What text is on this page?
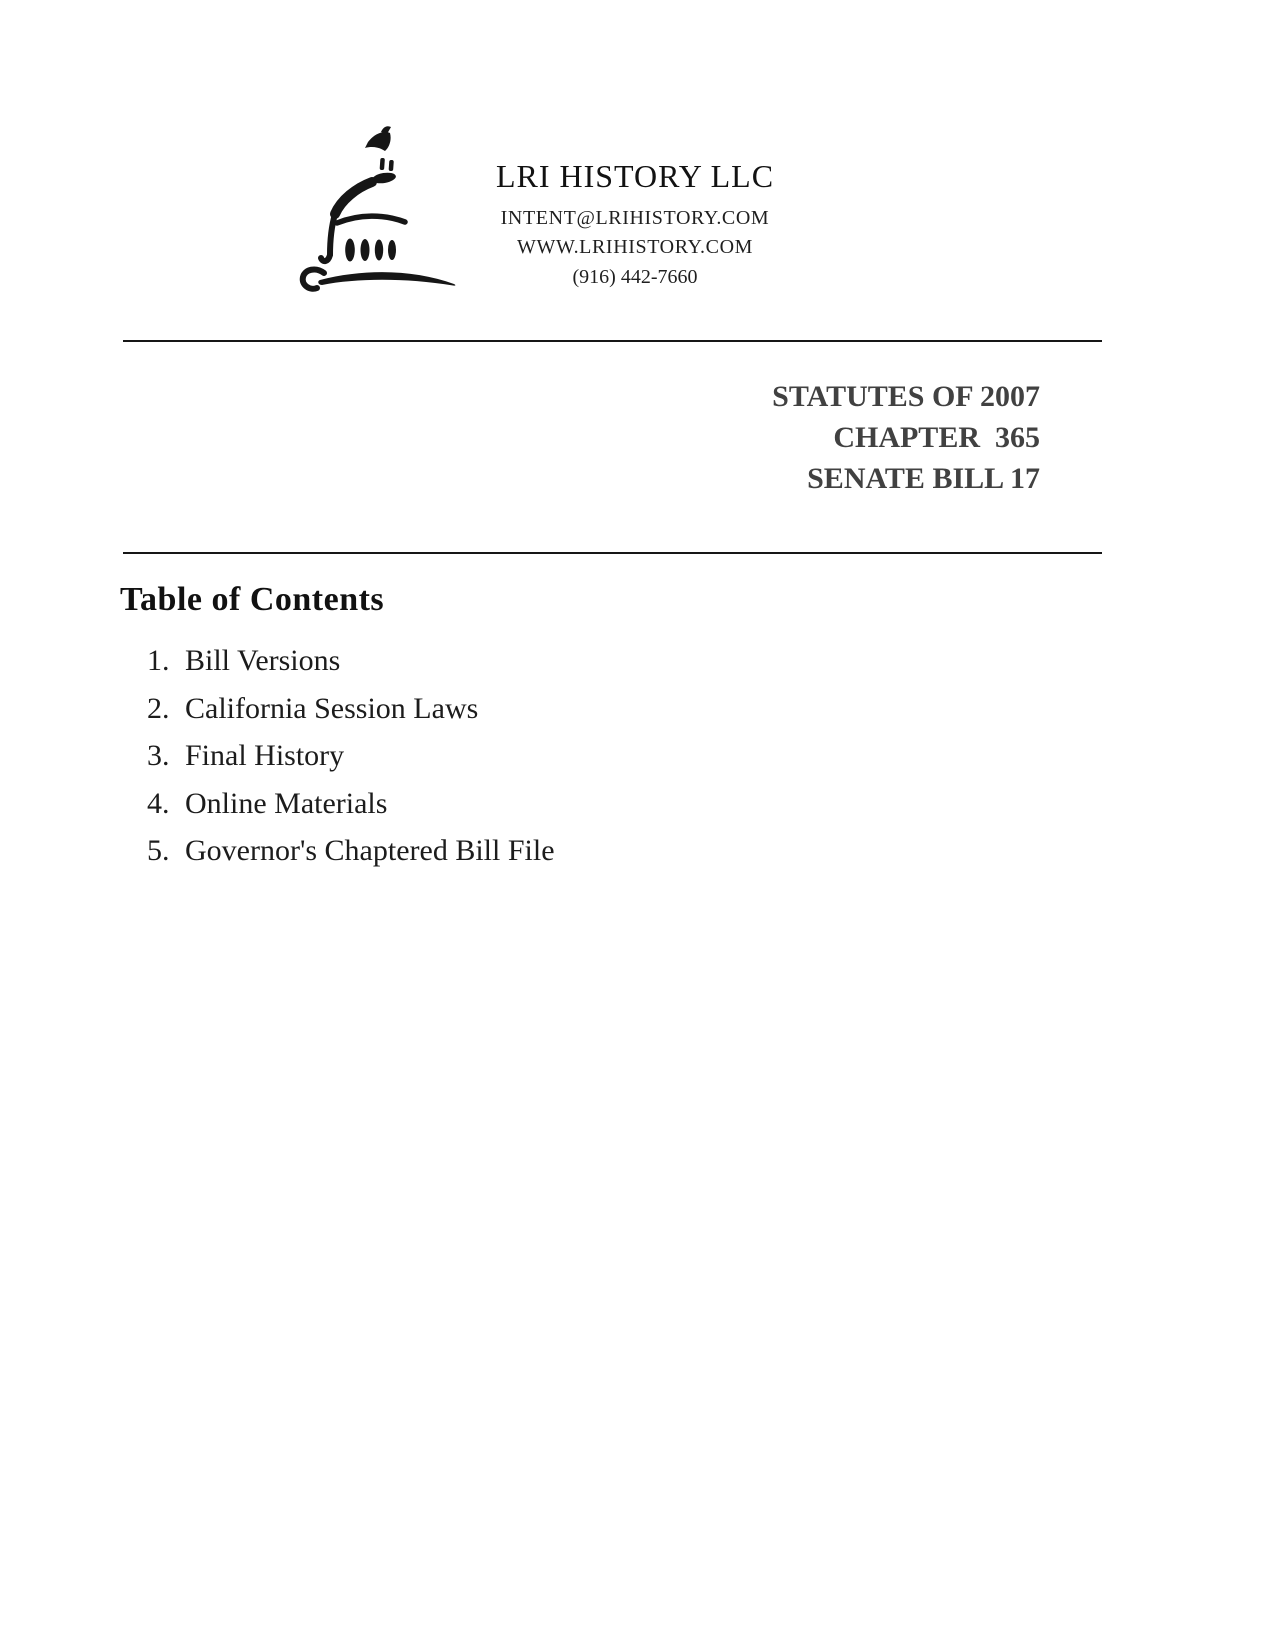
LRI HISTORY LLC
INTENT@LRIHISTORY.COM
WWW.LRIHISTORY.COM
(916) 442-7660
STATUTES OF 2007
CHAPTER  365
SENATE BILL 17
Table of Contents
1. Bill Versions
2. California Session Laws
3. Final History
4. Online Materials
5. Governor's Chaptered Bill File
